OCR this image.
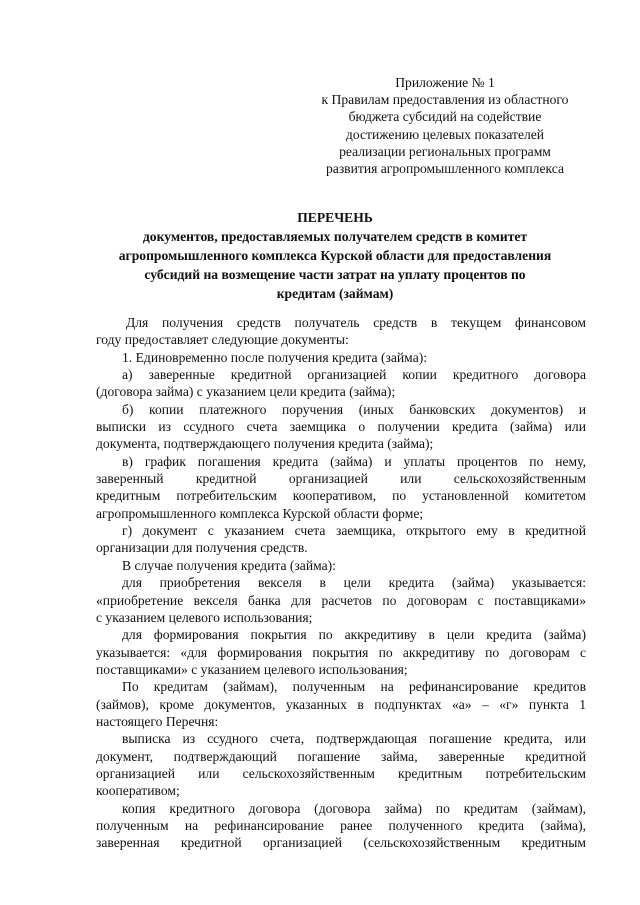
Приложение № 1
к Правилам предоставления из областного
бюджета субсидий на содействие
достижению целевых показателей
реализации региональных программ
развития агропромышленного комплекса
ПЕРЕЧЕНЬ
документов, предоставляемых получателем средств в комитет
агропромышленного комплекса Курской области для предоставления
субсидий на возмещение части затрат на уплату процентов по
кредитам (займам)
Для получения средств получатель средств в текущем финансовом
году предоставляет следующие документы:
1. Единовременно после получения кредита (займа):
а) заверенные кредитной организацией копии кредитного договора
(договора займа) с указанием цели кредита (займа);
б) копии платежного поручения (иных банковских документов) и
выписки из ссудного счета заемщика о получении кредита (займа) или
документа, подтверждающего получения кредита (займа);
в) график погашения кредита (займа) и уплаты процентов по нему,
заверенный кредитной организацией или сельскохозяйственным
кредитным потребительским кооперативом, по установленной комитетом
агропромышленного комплекса Курской области форме;
г) документ с указанием счета заемщика, открытого ему в кредитной
организации для получения средств.
В случае получения кредита (займа):
для приобретения векселя в цели кредита (займа) указывается:
«приобретение векселя банка для расчетов по договорам с поставщиками»
с указанием целевого использования;
для формирования покрытия по аккредитиву в цели кредита (займа)
указывается: «для формирования покрытия по аккредитиву по договорам с
поставщиками» с указанием целевого использования;
По кредитам (займам), полученным на рефинансирование кредитов
(займов), кроме документов, указанных в подпунктах «а» – «г» пункта 1
настоящего Перечня:
выписка из ссудного счета, подтверждающая погашение кредита, или
документ, подтверждающий погашение займа, заверенные кредитной
организацией или сельскохозяйственным кредитным потребительским
кооперативом;
копия кредитного договора (договора займа) по кредитам (займам),
полученным на рефинансирование ранее полученного кредита (займа),
заверенная кредитной организацией (сельскохозяйственным кредитным
